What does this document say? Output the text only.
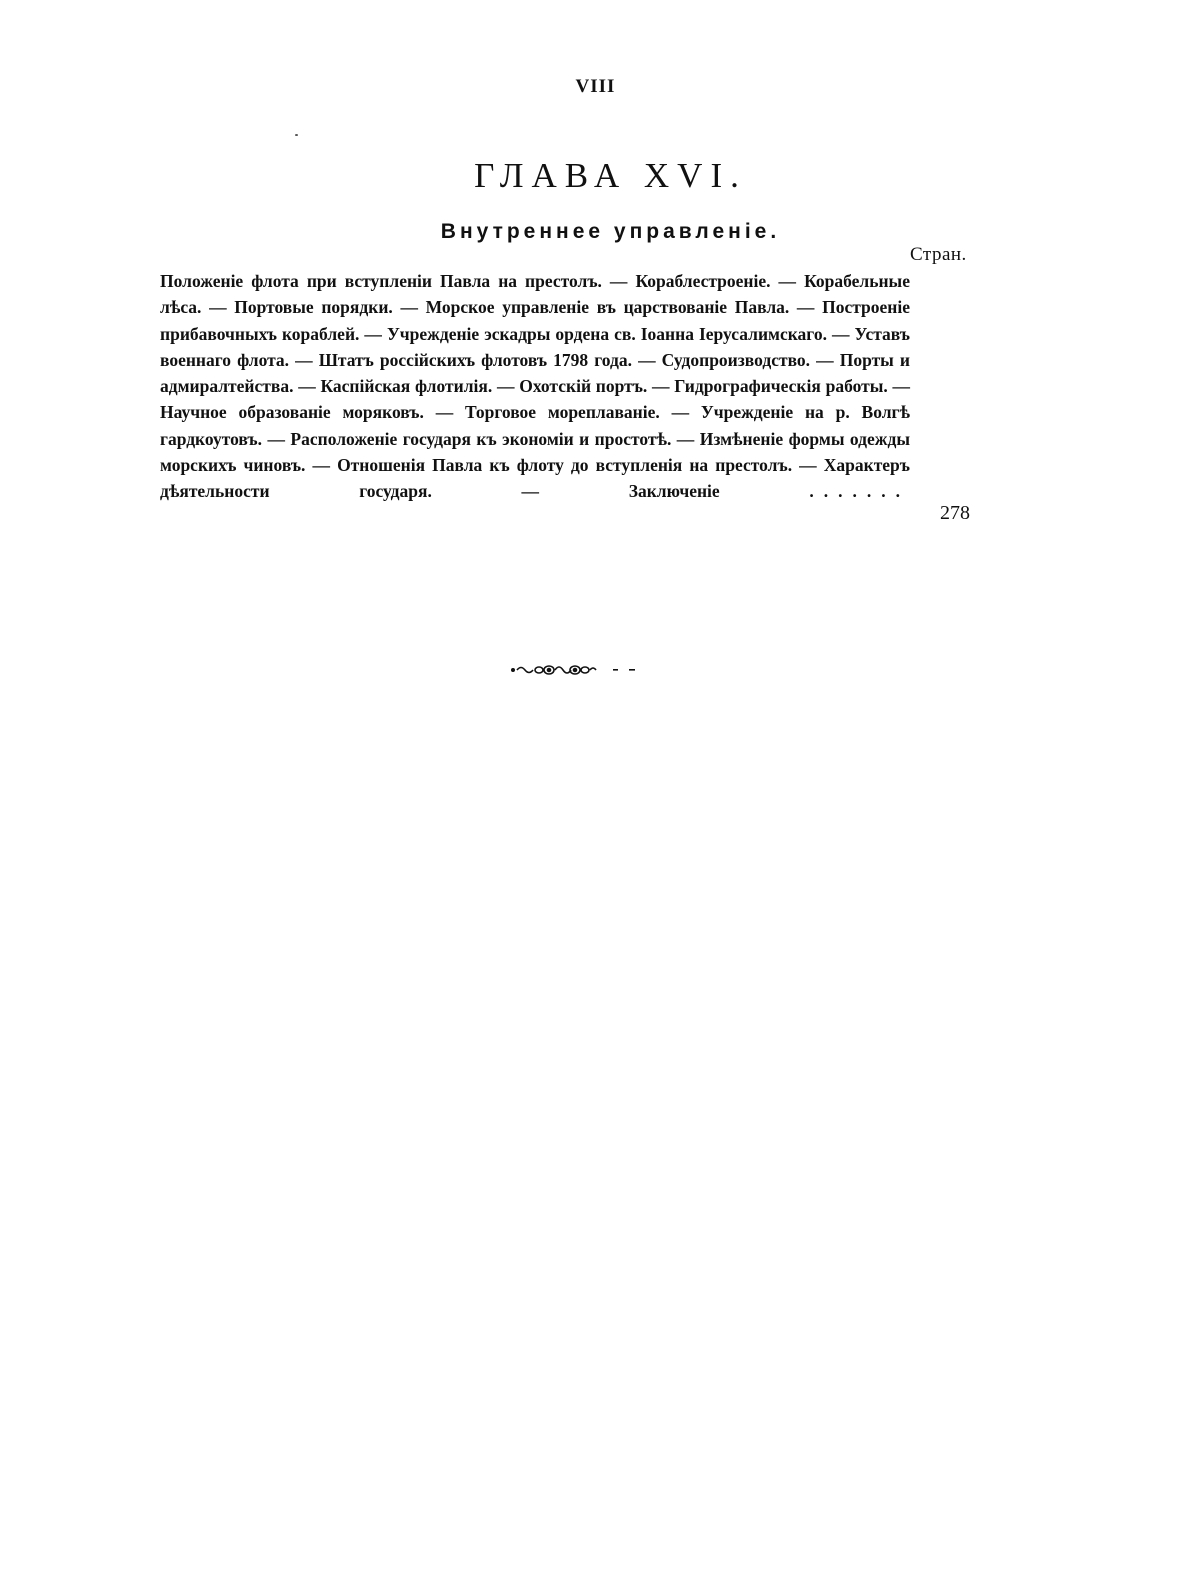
VIII
ГЛАВА XVI.
Внутреннее управленіе.
Стран.

Положеніе флота при вступленіи Павла на престолъ. — Кораблестроеніе. — Корабельные лѣса. — Портовые порядки. — Морское управленіе въ царствованіе Павла. — Построеніе прибавочныхъ кораблей. — Учрежденіе эскадры ордена св. Іоанна Іерусалимскаго. — Уставъ военнаго флота. — Штатъ россійскихъ флотовъ 1798 года. — Судопроизводство. — Порты и адмиралтейства. — Каспійская флотилія. — Охотскій портъ. — Гидрографическія работы. — Научное образованіе моряковъ. — Торговое мореплаваніе. — Учрежденіе на р. Волгѣ гардкоутовъ. — Расположеніе государя къ экономіи и простотѣ. — Измѣненіе формы одежды морскихъ чиновъ. — Отношенія Павла къ флоту до вступленія на престолъ. — Характеръ дѣятельности государя. — Заключеніе	.......

278
